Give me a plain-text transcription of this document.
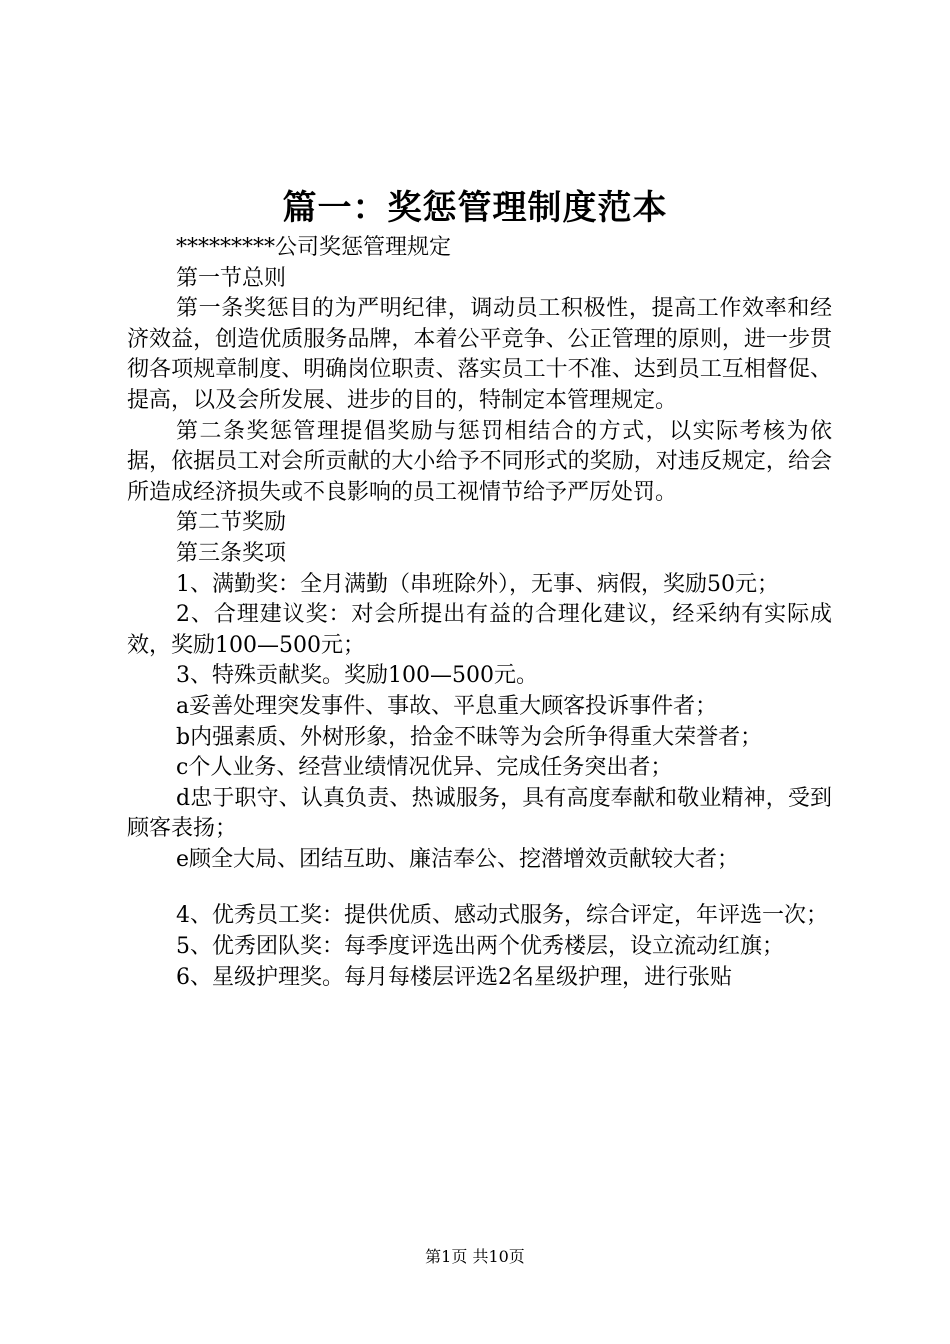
篇一：奖惩管理制度范本

*********公司奖惩管理规定

第一节总则

第一条奖惩目的为严明纪律，调动员工积极性，提高工作效率和经济效益，创造优质服务品牌，本着公平竞争、公正管理的原则，进一步贯彻各项规章制度、明确岗位职责、落实员工十不准、达到员工互相督促、提高，以及会所发展、进步的目的，特制定本管理规定。

第二条奖惩管理提倡奖励与惩罚相结合的方式，以实际考核为依据，依据员工对会所贡献的大小给予不同形式的奖励，对违反规定，给会所造成经济损失或不良影响的员工视情节给予严厉处罚。

第二节奖励

第三条奖项

1、满勤奖：全月满勤（串班除外），无事、病假，奖励50元；

2、合理建议奖：对会所提出有益的合理化建议，经采纳有实际成效，奖励100—500元；

3、特殊贡献奖。奖励100—500元。

a妥善处理突发事件、事故、平息重大顾客投诉事件者；

b内强素质、外树形象，拾金不昧等为会所争得重大荣誉者；

c个人业务、经营业绩情况优异、完成任务突出者；

d忠于职守、认真负责、热诚服务，具有高度奉献和敬业精神，受到顾客表扬；

e顾全大局、团结互助、廉洁奉公、挖潜增效贡献较大者；

4、优秀员工奖：提供优质、感动式服务，综合评定，年评选一次；

5、优秀团队奖：每季度评选出两个优秀楼层，设立流动红旗；

6、星级护理奖。每月每楼层评选2名星级护理，进行张贴

第1页 共10页
